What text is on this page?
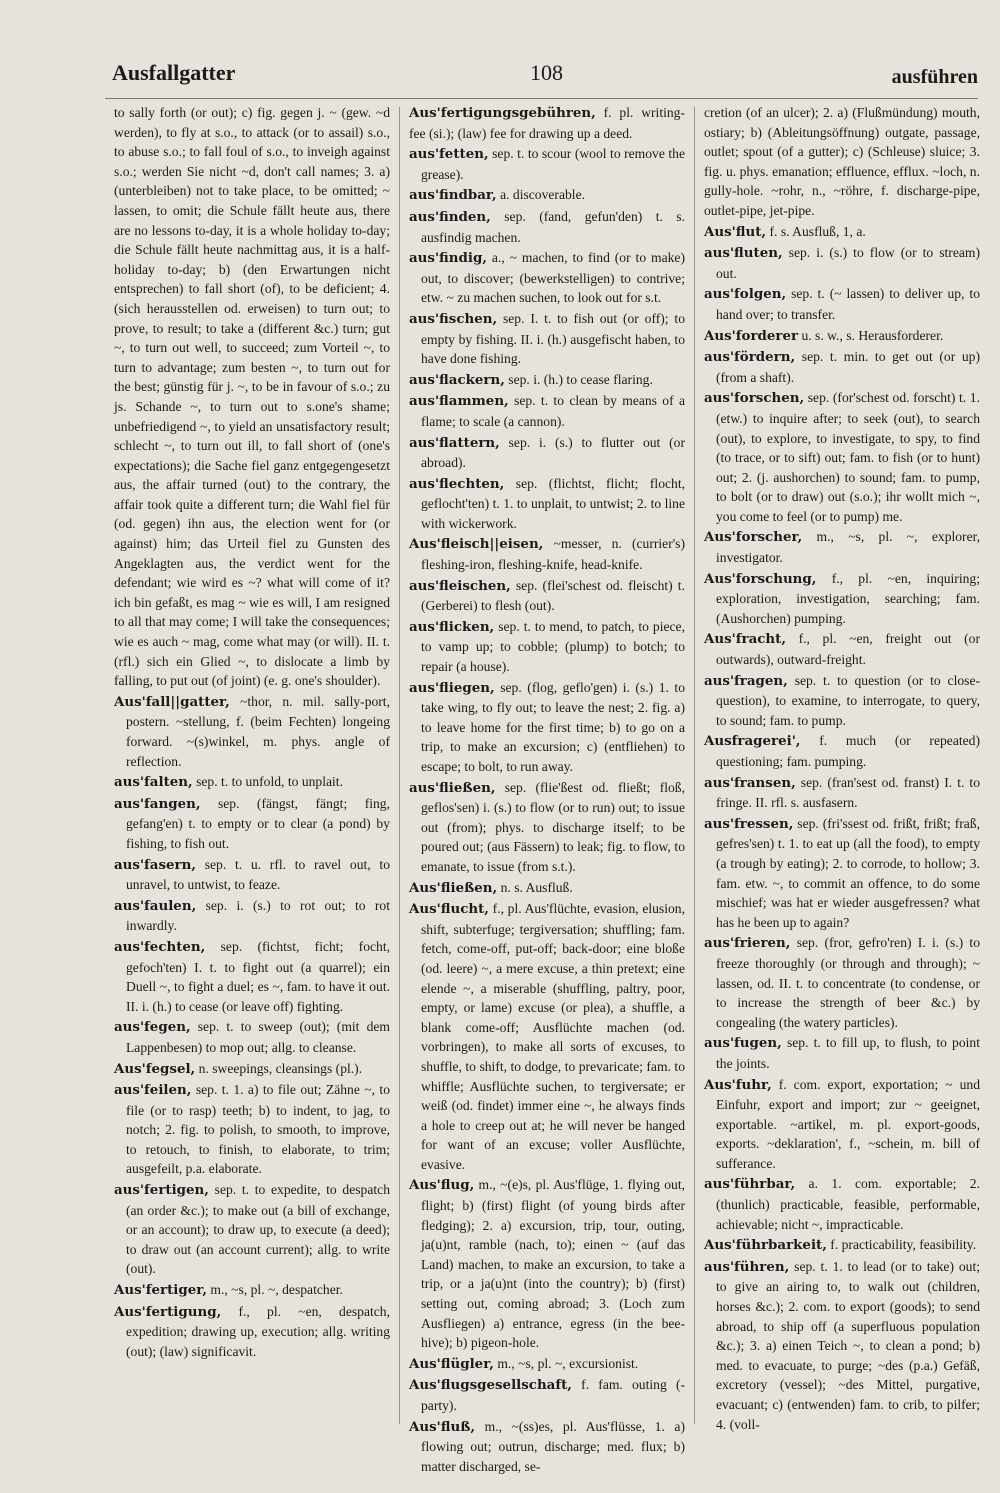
Ausfallgatter	108	ausführen

to sally forth (or out); c) fig. gegen j. ~ (gew. ~d werden), to fly at s.o., to attack (or to assail) s.o., to abuse s.o.; to fall foul of s.o., to inveigh against s.o.; werden Sie nicht ~d, don't call names; 3. a) (unterbleiben) not to take place, to be omitted; ~ lassen, to omit; die Schule fällt heute aus, there are no lessons to-day, it is a whole holiday to-day; die Schule fällt heute nachmittag aus, it is a half-holiday to-day; b) (den Erwartungen nicht entsprechen) to fall short (of), to be deficient; 4. (sich herausstellen od. erweisen) to turn out; to prove, to result; to take a (different &c.) turn; gut ~, to turn out well, to succeed; zum Vorteil ~, to turn to advantage; zum besten ~, to turn out for the best; günstig für j. ~, to be in favour of s.o.; zu js. Schande ~, to turn out to s.one's shame; unbefriedigend ~, to yield an unsatisfactory result; schlecht ~, to turn out ill, to fall short of (one's expectations); die Sache fiel ganz entgegengesetzt aus, the affair turned (out) to the contrary, the affair took quite a different turn; die Wahl fiel für (od. gegen) ihn aus, the election went for (or against) him; das Urteil fiel zu Gunsten des Angeklagten aus, the verdict went for the defendant; wie wird es ~? what will come of it? ich bin gefaßt, es mag ~ wie es will, I am resigned to all that may come; I will take the consequences; wie es auch ~ mag, come what may (or will). II. t. (rfl.) sich ein Glied ~, to dislocate a limb by falling, to put out (of joint) (e. g. one's shoulder).

Aus'fall||gatter, ~thor, n. mil. sally-port, postern. ~stellung, f. (beim Fechten) longeing forward. ~(s)winkel, m. phys. angle of reflection.

aus'falten, sep. t. to unfold, to unplait.

aus'fangen, sep. (fängst, fängt; fing, gefang'en) t. to empty or to clear (a pond) by fishing, to fish out.

aus'fasern, sep. t. u. rfl. to ravel out, to unravel, to untwist, to feaze.

aus'faulen, sep. i. (s.) to rot out; to rot inwardly.

aus'fechten, sep. (fichtst, ficht; focht, gefoch'ten) I. t. to fight out (a quarrel); ein Duell ~, to fight a duel; es ~, fam. to have it out. II. i. (h.) to cease (or leave off) fighting.

aus'fegen, sep. t. to sweep (out); (mit dem Lappenbesen) to mop out; allg. to cleanse.

Aus'fegsel, n. sweepings, cleansings (pl.).

aus'feilen, sep. t. 1. a) to file out; Zähne ~, to file (or to rasp) teeth; b) to indent, to jag, to notch; 2. fig. to polish, to smooth, to improve, to retouch, to finish, to elaborate, to trim; ausgefeilt, p.a. elaborate.

aus'fertigen, sep. t. to expedite, to despatch (an order &c.); to make out (a bill of exchange, or an account); to draw up, to execute (a deed); to draw out (an account current); allg. to write (out).

Aus'fertiger, m., ~s, pl. ~, despatcher.

Aus'fertigung, f., pl. ~en, despatch, expedition; drawing up, execution; allg. writing (out); (law) significavit.

Aus'fertigungsgebühren, f. pl. writing-fee (si.); (law) fee for drawing up a deed.

aus'fetten, sep. t. to scour (wool to remove the grease).

aus'findbar, a. discoverable.

aus'finden, sep. (fand, gefun'den) t. s. ausfindig machen.

aus'findig, a., ~ machen, to find (or to make) out, to discover; (bewerkstelligen) to contrive; etw. ~ zu machen suchen, to look out for s.t.

aus'fischen, sep. I. t. to fish out (or off); to empty by fishing. II. i. (h.) ausgefischt haben, to have done fishing.

aus'flackern, sep. i. (h.) to cease flaring.

aus'flammen, sep. t. to clean by means of a flame; to scale (a cannon).

aus'flattern, sep. i. (s.) to flutter out (or abroad).

aus'flechten, sep. (flichtst, flicht; flocht, geflocht'ten) t. 1. to unplait, to untwist; 2. to line with wickerwork.

Aus'fleisch||eisen, ~messer, n. (currier's) fleshing-iron, fleshing-knife, head-knife.

aus'fleischen, sep. (flei'schest od. fleischt) t. (Gerberei) to flesh (out).

aus'flicken, sep. t. to mend, to patch, to piece, to vamp up; to cobble; (plump) to botch; to repair (a house).

aus'fliegen, sep. (flog, geflo'gen) i. (s.) 1. to take wing, to fly out; to leave the nest; 2. fig. a) to leave home for the first time; b) to go on a trip, to make an excursion; c) (entfliehen) to escape; to bolt, to run away.

aus'fließen, sep. (flie'ßest od. fließt; floß, geflos'sen) i. (s.) to flow (or to run) out; to issue out (from); phys. to discharge itself; to be poured out; (aus Fässern) to leak; fig. to flow, to emanate, to issue (from s.t.).

Aus'fließen, n. s. Ausfluß.

Aus'flucht, f., pl. Aus'flüchte, evasion, elusion, shift, subterfuge; tergiversation; shuffling; fam. fetch, come-off, put-off; back-door; eine bloße (od. leere) ~, a mere excuse, a thin pretext; eine elende ~, a miserable (shuffling, paltry, poor, empty, or lame) excuse (or plea), a shuffle, a blank come-off; Ausflüchte machen (od. vorbringen), to make all sorts of excuses, to shuffle, to shift, to dodge, to prevaricate; fam. to whiffle; Ausflüchte suchen, to tergiversate; er weiß (od. findet) immer eine ~, he always finds a hole to creep out at; he will never be hanged for want of an excuse; voller Ausflüchte, evasive.

Aus'flug, m., ~(e)s, pl. Aus'flüge, 1. flying out, flight; b) (first) flight (of young birds after fledging); 2. a) excursion, trip, tour, outing, ja(u)nt, ramble (nach, to); einen ~ (auf das Land) machen, to make an excursion, to take a trip, or a ja(u)nt (into the country); b) (first) setting out, coming abroad; 3. (Loch zum Ausfliegen) a) entrance, egress (in the bee-hive); b) pigeon-hole.

Aus'flügler, m., ~s, pl. ~, excursionist.

Aus'flugsgesellschaft, f. fam. outing (-party).

Aus'fluß, m., ~(ss)es, pl. Aus'flüsse, 1. a) flowing out; outrun, discharge; med. flux; b) matter discharged, se-

cretion (of an ulcer); 2. a) (Flußmündung) mouth, ostiary; b) (Ableitungsöffnung) outgate, passage, outlet; spout (of a gutter); c) (Schleuse) sluice; 3. fig. u. phys. emanation; effluence, efflux. ~loch, n. gully-hole. ~rohr, n., ~röhre, f. discharge-pipe, outlet-pipe, jet-pipe.

Aus'flut, f. s. Ausfluß, 1, a.

aus'fluten, sep. i. (s.) to flow (or to stream) out.

aus'folgen, sep. t. (~ lassen) to deliver up, to hand over; to transfer.

Aus'forderer u. s. w., s. Herausforderer.

aus'fördern, sep. t. min. to get out (or up) (from a shaft).

aus'forschen, sep. (for'schest od. forscht) t. 1. (etw.) to inquire after; to seek (out), to search (out), to explore, to investigate, to spy, to find (to trace, or to sift) out; fam. to fish (or to hunt) out; 2. (j. aushorchen) to sound; fam. to pump, to bolt (or to draw) out (s.o.); ihr wollt mich ~, you come to feel (or to pump) me.

Aus'forscher, m., ~s, pl. ~, explorer, investigator.

Aus'forschung, f., pl. ~en, inquiring; exploration, investigation, searching; fam. (Aushorchen) pumping.

Aus'fracht, f., pl. ~en, freight out (or outwards), outward-freight.

aus'fragen, sep. t. to question (or to close-question), to examine, to interrogate, to query, to sound; fam. to pump.

Ausfragerei', f. much (or repeated) questioning; fam. pumping.

aus'fransen, sep. (fran'sest od. franst) I. t. to fringe. II. rfl. s. ausfasern.

aus'fressen, sep. (fri'ssest od. frißt, frißt; fraß, gefres'sen) t. 1. to eat up (all the food), to empty (a trough by eating); 2. to corrode, to hollow; 3. fam. etw. ~, to commit an offence, to do some mischief; was hat er wieder ausgefressen? what has he been up to again?

aus'frieren, sep. (fror, gefro'ren) I. i. (s.) to freeze thoroughly (or through and through); ~ lassen, od. II. t. to concentrate (to condense, or to increase the strength of beer &c.) by congealing (the watery particles).

aus'fugen, sep. t. to fill up, to flush, to point the joints.

Aus'fuhr, f. com. export, exportation; ~ und Einfuhr, export and import; zur ~ geeignet, exportable. ~artikel, m. pl. export-goods, exports. ~deklaration', f., ~schein, m. bill of sufferance.

aus'führbar, a. 1. com. exportable; 2. (thunlich) practicable, feasible, performable, achievable; nicht ~, impracticable.

Aus'führbarkeit, f. practicability, feasibility.

aus'führen, sep. t. 1. to lead (or to take) out; to give an airing to, to walk out (children, horses &c.); 2. com. to export (goods); to send abroad, to ship off (a superfluous population &c.); 3. a) einen Teich ~, to clean a pond; b) med. to evacuate, to purge; ~des (p.a.) Gefäß, excretory (vessel); ~des Mittel, purgative, evacuant; c) (entwenden) fam. to crib, to pilfer; 4. (voll-
